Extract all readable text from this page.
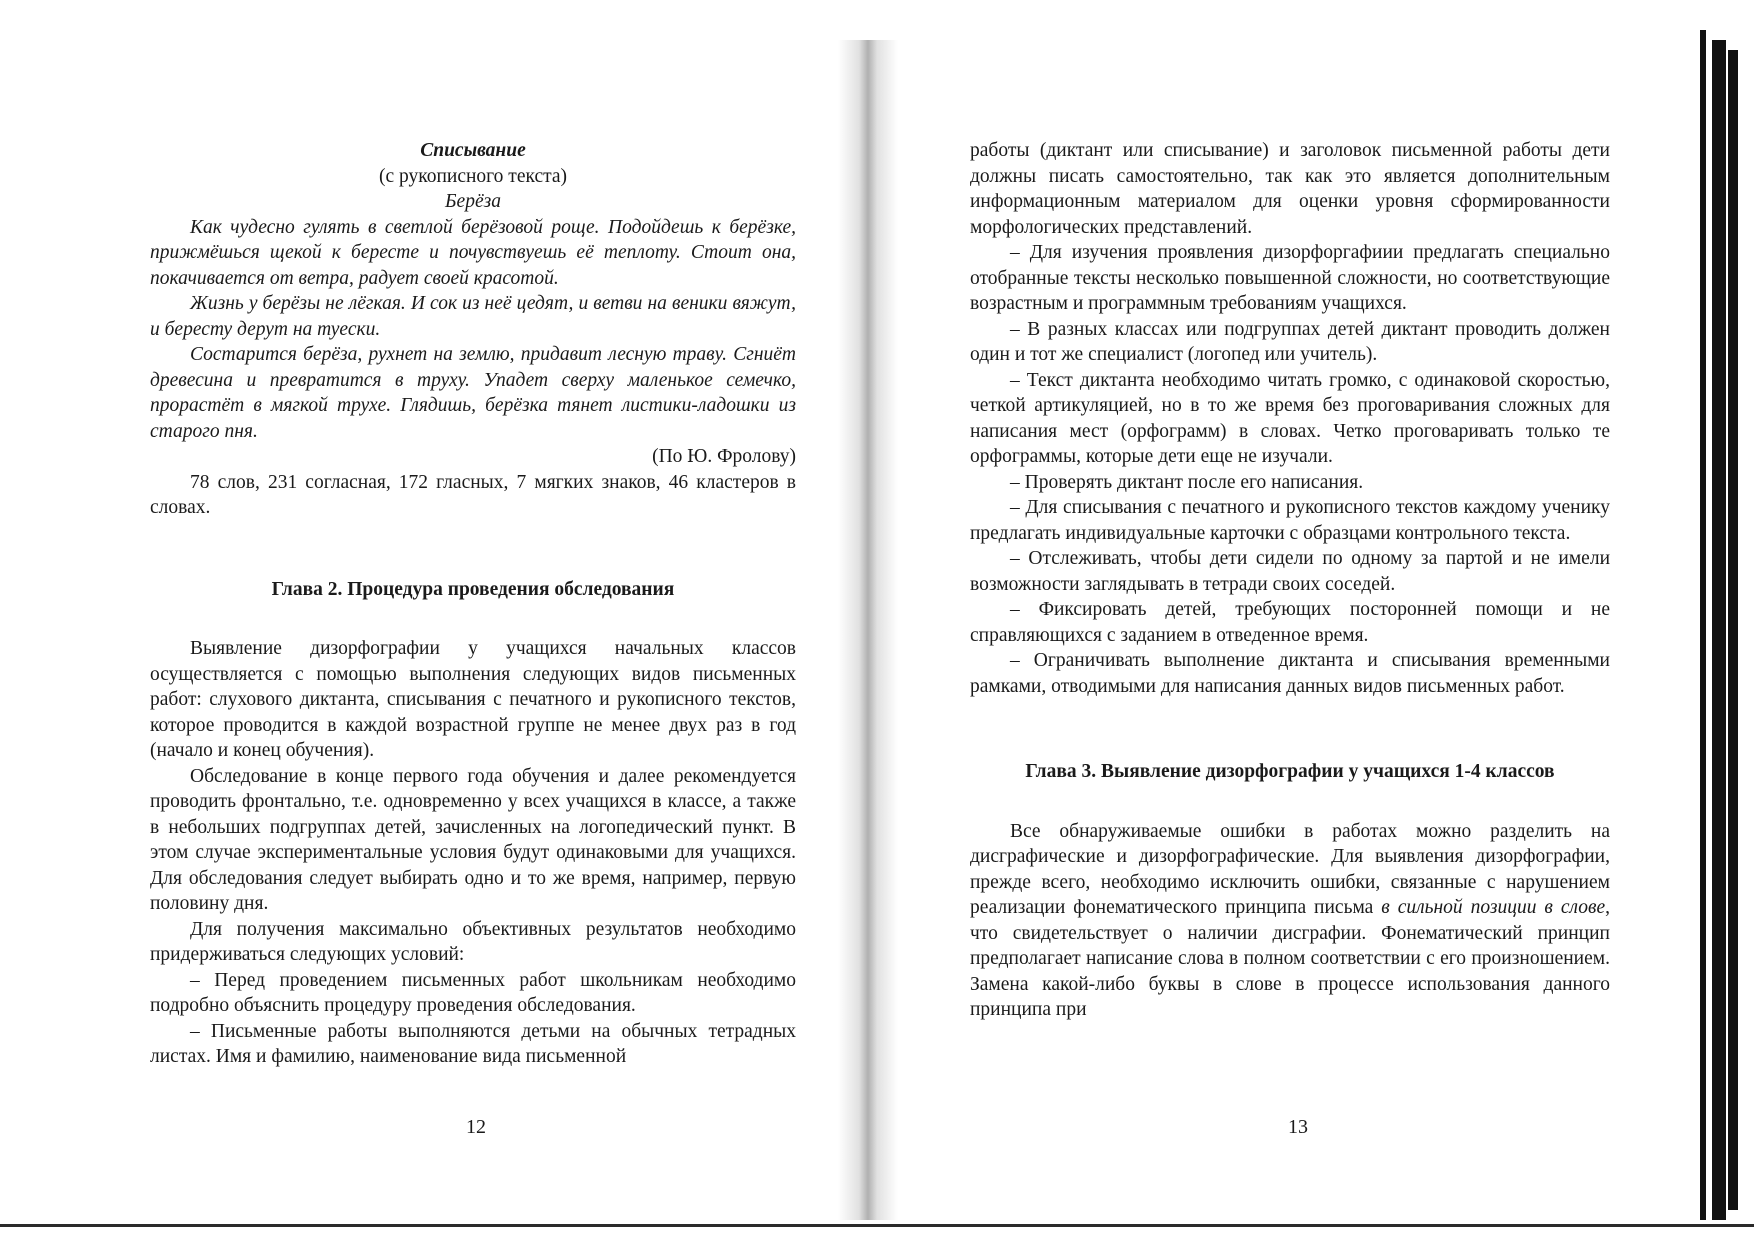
Списывание

(с рукописного текста)

Берёза

Как чудесно гулять в светлой берёзовой роще. Подойдешь к берёзке, прижмёшься щекой к бересте и почувствуешь её теплоту. Стоит она, покачивается от ветра, радует своей красотой.

Жизнь у берёзы не лёгкая. И сок из неё цедят, и ветви на веники вяжут, и бересту дерут на туески.

Состарится берёза, рухнет на землю, придавит лесную траву. Сгниёт древесина и превратится в труху. Упадет сверху маленькое семечко, прорастёт в мягкой трухе. Глядишь, берёзка тянет листики-ладошки из старого пня.

(По Ю. Фролову)

78 слов, 231 согласная, 172 гласных, 7 мягких знаков, 46 кластеров в словах.

Глава 2. Процедура проведения обследования

Выявление дизорфографии у учащихся начальных классов осуществляется с помощью выполнения следующих видов письменных работ: слухового диктанта, списывания с печатного и рукописного текстов, которое проводится в каждой возрастной группе не менее двух раз в год (начало и конец обучения).

Обследование в конце первого года обучения и далее рекомендуется проводить фронтально, т.е. одновременно у всех учащихся в классе, а также в небольших подгруппах детей, зачисленных на логопедический пункт. В этом случае экспериментальные условия будут одинаковыми для учащихся. Для обследования следует выбирать одно и то же время, например, первую половину дня.

Для получения максимально объективных результатов необходимо придерживаться следующих условий:

– Перед проведением письменных работ школьникам необходимо подробно объяснить процедуру проведения обследования.

– Письменные работы выполняются детьми на обычных тетрадных листах. Имя и фамилию, наименование вида письменной

12

работы (диктант или списывание) и заголовок письменной работы дети должны писать самостоятельно, так как это является дополнительным информационным материалом для оценки уровня сформированности морфологических представлений.

– Для изучения проявления дизорфоргафиии предлагать специально отобранные тексты несколько повышенной сложности, но соответствующие возрастным и программным требованиям учащихся.

– В разных классах или подгруппах детей диктант проводить должен один и тот же специалист (логопед или учитель).

– Текст диктанта необходимо читать громко, с одинаковой скоростью, четкой артикуляцией, но в то же время без проговаривания сложных для написания мест (орфограмм) в словах. Четко проговаривать только те орфограммы, которые дети еще не изучали.

– Проверять диктант после его написания.

– Для списывания с печатного и рукописного текстов каждому ученику предлагать индивидуальные карточки с образцами контрольного текста.

– Отслеживать, чтобы дети сидели по одному за партой и не имели возможности заглядывать в тетради своих соседей.

– Фиксировать детей, требующих посторонней помощи и не справляющихся с заданием в отведенное время.

– Ограничивать выполнение диктанта и списывания временными рамками, отводимыми для написания данных видов письменных работ.

Глава 3. Выявление дизорфографии у учащихся 1-4 классов

Все обнаруживаемые ошибки в работах можно разделить на дисграфические и дизорфографические. Для выявления дизорфографии, прежде всего, необходимо исключить ошибки, связанные с нарушением реализации фонематического принципа письма в сильной позиции в слове, что свидетельствует о наличии дисграфии. Фонематический принцип предполагает написание слова в полном соответствии с его произношением. Замена какой-либо буквы в слове в процессе использования данного принципа при

13
